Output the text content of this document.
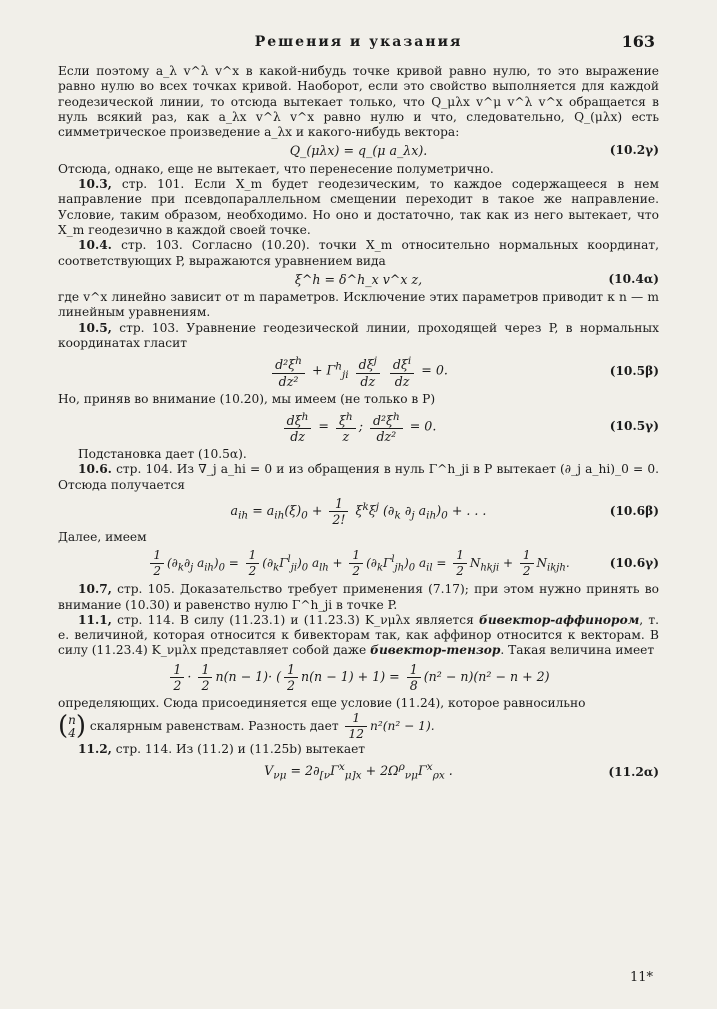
Решения и указания	163

Если поэтому a_λ v^λ v^x в какой-нибудь точке кривой равно нулю, то это выражение равно нулю во всех точках кривой. Наоборот, если это свойство выполняется для каждой геодезической линии, то отсюда вытекает только, что Q_μλx v^μ v^λ v^x обращается в нуль всякий раз, как a_λx v^λ v^x равно нулю и что, следовательно, Q_(μλx) есть симметрическое произведение a_λx и какого-нибудь вектора:

Q_(μλx) = q_(μ a_λx).	(10.2γ)

Отсюда, однако, еще не вытекает, что перенесение полуметрично.

10.3, стр. 101. Если X_m будет геодезическим, то каждое содержащееся в нем направление при псевдопараллельном смещении переходит в такое же направление. Условие, таким образом, необходимо. Но оно и достаточно, так как из него вытекает, что X_m геодезично в каждой своей точке.

10.4. стр. 103. Согласно (10.20). точки X_m относительно нормальных координат, соответствующих P, выражаются уравнением вида

ξ^h = δ^h_x v^x z,	(10.4α)

где v^x линейно зависит от m параметров. Исключение этих параметров приводит к n — m линейным уравнениям.

10.5, стр. 103. Уравнение геодезической линии, проходящей через P, в нормальных координатах гласит

$\frac{d^2\xi^h}{\text{dz²}} + \Gamma^h_{ji} \frac{d\xi^j}{dz}$
$\frac{d\xi^i}{dz} = 0$.	(10.5β)

Но, приняв во внимание (10.20), мы имеем (не только в P)

$\frac{d\xi^h}{dz} = \frac{\xi^h}{z}$ ; $\frac{d^2\xi^h}{\text{dz²}} = 0$.	(10.5γ)

Подстановка дает (10.5α).

10.6. стр. 104. Из ∇_j a_hi = 0 и из обращения в нуль Γ^h_ji в P вытекает (∂_j a_hi)_0 = 0. Отсюда получается

$a_{ih} = a_{ih}(\xi)_0 + \frac{1}{2!} \xi^k\xi^j$ ($\partial_k$ $\partial_j$ $a_{ih})_0$ + . . .	(10.6β)

Далее, имеем

$\frac{1}{2} (\partial_k\partial_j$ $a_{ih})_0 = \frac{1}{2} (\partial_k\Gamma^l_{ji})_0$ $a_{lh} + \frac{1}{2} (\partial_k\Gamma^l_{jh})_0$ $a_{il} = \frac{1}{2} N_{hkji} + \frac{1}{2} N_{ikjh}$.	(10.6γ)

10.7, стр. 105. Доказательство требует применения (7.17); при этом нужно принять во внимание (10.30) и равенство нулю Γ^h_ji в точке P.

11.1, стр. 114. В силу (11.23.1) и (11.23.3) K_νμλx является бивектор-аффинором, т. е. величиной, которая относится к бивекторам так, как аффинор относится к векторам. В силу (11.23.4) K_νμλx представляет собой даже бивектор-тензор. Такая величина имеет

$\frac{1}{2} \cdot \frac{1}{2} n(n - 1)\cdot$ ( $\frac{1}{2} n(n - 1) + 1) = \frac{1}{8} (n^2 - n)(n^2 - n + 2)$

определяющих. Сюда присоединяется еще условие (11.24), которое равносильно
(n
4) скалярным равенствам. Разность дает $\frac{1}{12} n^2(n^2 - 1)$.

11.2, стр. 114. Из (11.2) и (11.25b) вытекает

$V_{\nu\mu} = 2\partial_{[\nu}\Gamma^x_{\mu]x} + 2\Omega^\rho_{\nu\mu}\Gamma^x_{\rho x}$ .	(11.2α)
11*
